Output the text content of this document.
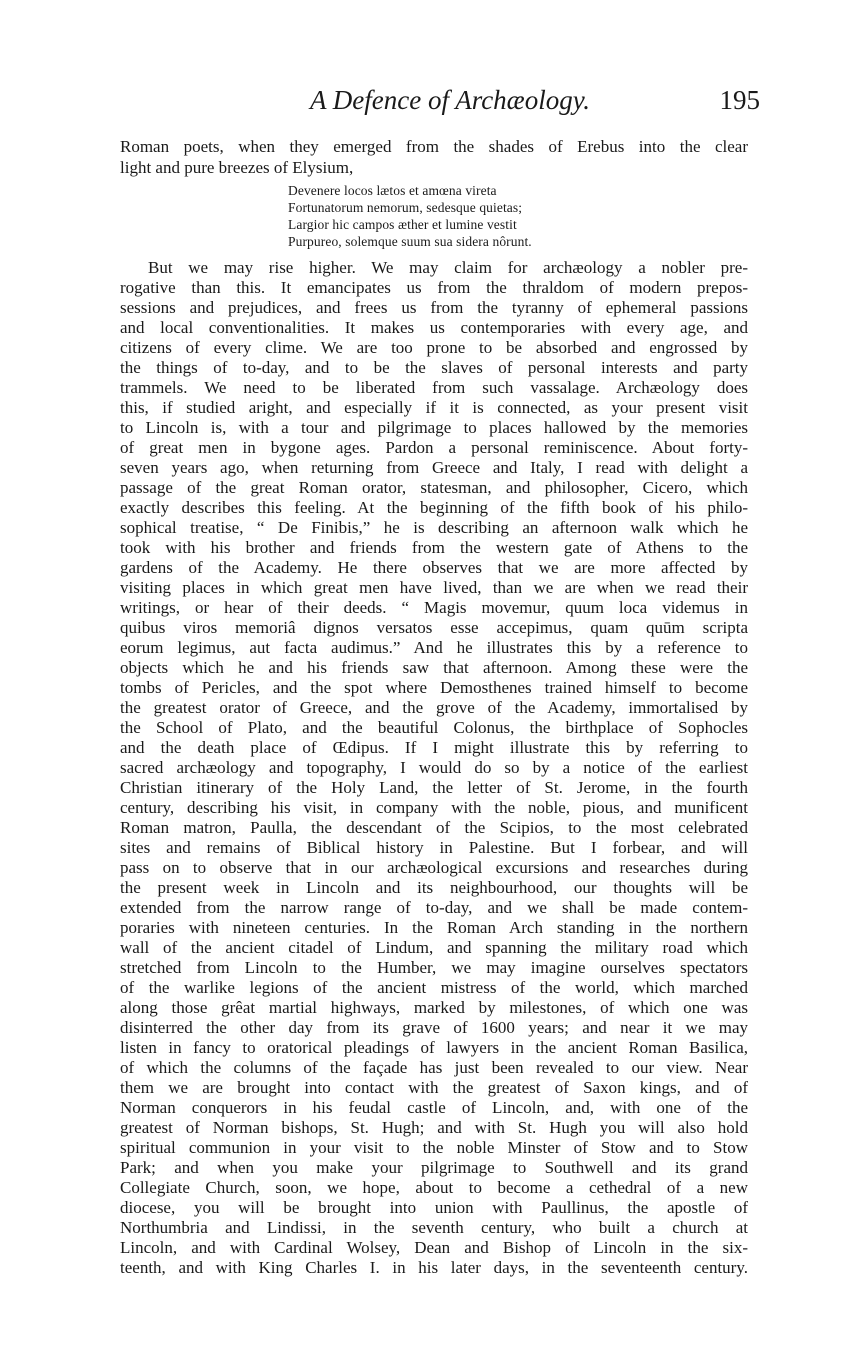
A Defence of Archæology.	195
Roman poets, when they emerged from the shades of Erebus into the clear
light and pure breezes of Elysium,
Devenere locos lætos et amœna vireta
Fortunatorum nemorum, sedesque quietas;
Largior hic campos æther et lumine vestit
Purpureo, solemque suum sua sidera nôrunt.
But we may rise higher. We may claim for archæology a nobler pre-
rogative than this. It emancipates us from the thraldom of modern prepos-
sessions and prejudices, and frees us from the tyranny of ephemeral passions
and local conventionalities. It makes us contemporaries with every age, and
citizens of every clime. We are too prone to be absorbed and engrossed by
the things of to-day, and to be the slaves of personal interests and party
trammels. We need to be liberated from such vassalage. Archæology does
this, if studied aright, and especially if it is connected, as your present visit
to Lincoln is, with a tour and pilgrimage to places hallowed by the memories
of great men in bygone ages. Pardon a personal reminiscence. About forty-
seven years ago, when returning from Greece and Italy, I read with delight a
passage of the great Roman orator, statesman, and philosopher, Cicero, which
exactly describes this feeling. At the beginning of the fifth book of his philo-
sophical treatise, “ De Finibis,” he is describing an afternoon walk which he
took with his brother and friends from the western gate of Athens to the
gardens of the Academy. He there observes that we are more affected by
visiting places in which great men have lived, than we are when we read their
writings, or hear of their deeds. “ Magis movemur, quum loca videmus in
quibus viros memoriâ dignos versatos esse accepimus, quam quūm scripta
eorum legimus, aut facta audimus.” And he illustrates this by a reference to
objects which he and his friends saw that afternoon. Among these were the
tombs of Pericles, and the spot where Demosthenes trained himself to become
the greatest orator of Greece, and the grove of the Academy, immortalised by
the School of Plato, and the beautiful Colonus, the birthplace of Sophocles
and the death place of Œdipus. If I might illustrate this by referring to
sacred archæology and topography, I would do so by a notice of the earliest
Christian itinerary of the Holy Land, the letter of St. Jerome, in the fourth
century, describing his visit, in company with the noble, pious, and munificent
Roman matron, Paulla, the descendant of the Scipios, to the most celebrated
sites and remains of Biblical history in Palestine. But I forbear, and will
pass on to observe that in our archæological excursions and researches during
the present week in Lincoln and its neighbourhood, our thoughts will be
extended from the narrow range of to-day, and we shall be made contem-
poraries with nineteen centuries. In the Roman Arch standing in the northern
wall of the ancient citadel of Lindum, and spanning the military road which
stretched from Lincoln to the Humber, we may imagine ourselves spectators
of the warlike legions of the ancient mistress of the world, which marched
along those grêat martial highways, marked by milestones, of which one was
disinterred the other day from its grave of 1600 years; and near it we may
listen in fancy to oratorical pleadings of lawyers in the ancient Roman Basilica,
of which the columns of the façade has just been revealed to our view. Near
them we are brought into contact with the greatest of Saxon kings, and of
Norman conquerors in his feudal castle of Lincoln, and, with one of the
greatest of Norman bishops, St. Hugh; and with St. Hugh you will also hold
spiritual communion in your visit to the noble Minster of Stow and to Stow
Park; and when you make your pilgrimage to Southwell and its grand
Collegiate Church, soon, we hope, about to become a cethedral of a new
diocese, you will be brought into union with Paullinus, the apostle of
Northumbria and Lindissi, in the seventh century, who built a church at
Lincoln, and with Cardinal Wolsey, Dean and Bishop of Lincoln in the six-
teenth, and with King Charles I. in his later days, in the seventeenth century.
